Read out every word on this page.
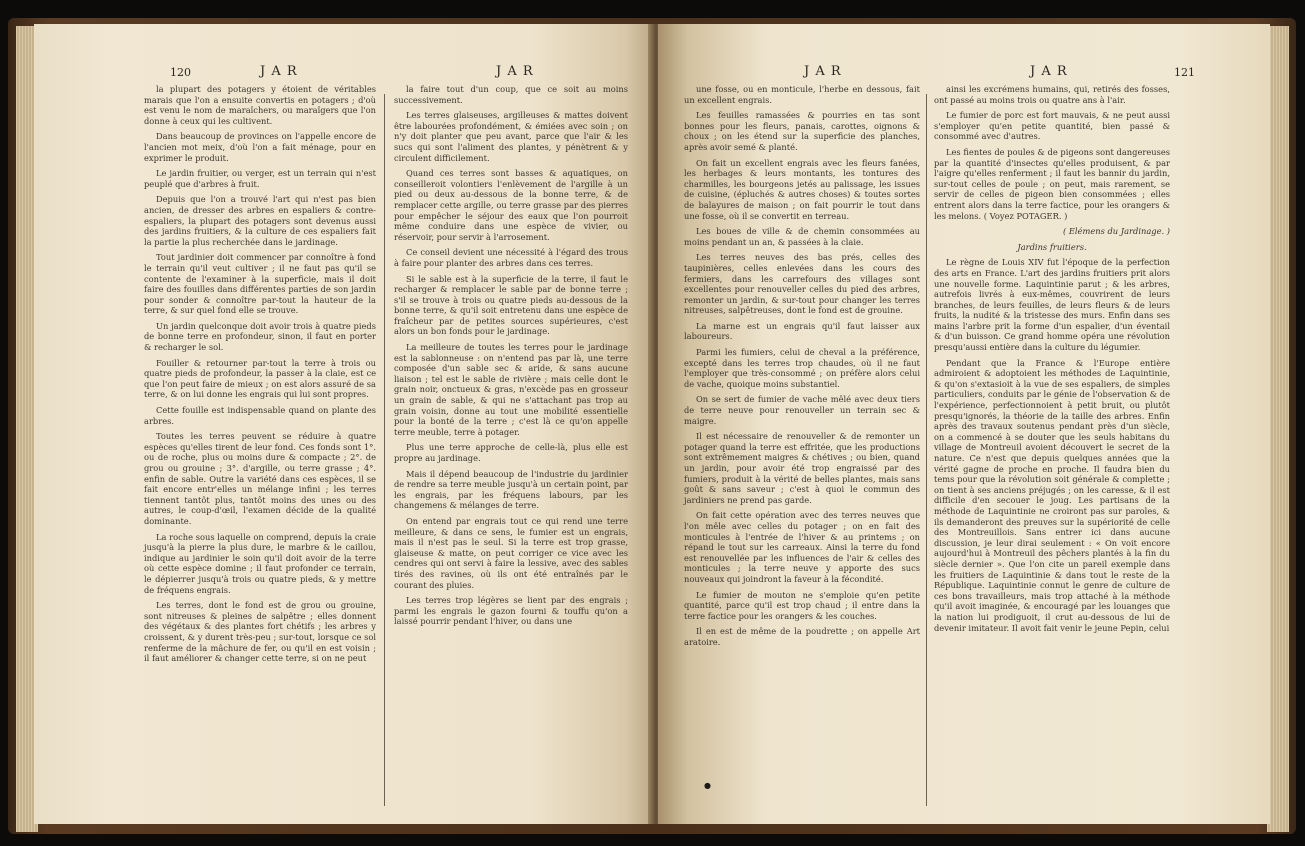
120	J A R	J A R

la plupart des potagers y étoient de véritables marais que l'on a ensuite convertis en potagers ; d'où est venu le nom de maraîchers, ou maraîgers que l'on donne à ceux qui les cultivent.

Dans beaucoup de provinces on l'appelle encore de l'ancien mot meix, d'où l'on a fait ménage, pour en exprimer le produit.

Le jardin fruitier, ou verger, est un terrain qui n'est peuplé que d'arbres à fruit.

Depuis que l'on a trouvé l'art qui n'est pas bien ancien, de dresser des arbres en espaliers & contre-espaliers, la plupart des potagers sont devenus aussi des jardins fruitiers, & la culture de ces espaliers fait la partie la plus recherchée dans le jardinage.

Tout jardinier doit commencer par connoître à fond le terrain qu'il veut cultiver ; il ne faut pas qu'il se contente de l'examiner à la superficie, mais il doit faire des fouilles dans différentes parties de son jardin pour sonder & connoître par-tout la hauteur de la terre, & sur quel fond elle se trouve.

Un jardin quelconque doit avoir trois à quatre pieds de bonne terre en profondeur, sinon, il faut en porter & recharger le sol.

Fouiller & retourner par-tout la terre à trois ou quatre pieds de profondeur, la passer à la claie, est ce que l'on peut faire de mieux ; on est alors assuré de sa terre, & on lui donne les engrais qui lui sont propres.

Cette fouille est indispensable quand on plante des arbres.

Toutes les terres peuvent se réduire à quatre espèces qu'elles tirent de leur fond. Ces fonds sont 1°. ou de roche, plus ou moins dure & compacte ; 2°. de grou ou grouine ; 3°. d'argille, ou terre grasse ; 4°. enfin de sable. Outre la variété dans ces espèces, il se fait encore entr'elles un mélange infini ; les terres tiennent tantôt plus, tantôt moins des unes ou des autres, le coup-d'œil, l'examen décide de la qualité dominante.

La roche sous laquelle on comprend, depuis la craie jusqu'à la pierre la plus dure, le marbre & le caillou, indique au jardinier le soin qu'il doit avoir de la terre où cette espèce domine ; il faut profonder ce terrain, le dépierrer jusqu'à trois ou quatre pieds, & y mettre de fréquens engrais.

Les terres, dont le fond est de grou ou grouine, sont nitreuses & pleines de salpêtre ; elles donnent des végétaux & des plantes fort chétifs ; les arbres y croissent, & y durent très-peu ; sur-tout, lorsque ce sol renferme de la mâchure de fer, ou qu'il en est voisin ; il faut améliorer & changer cette terre, si on ne peut

la faire tout d'un coup, que ce soit au moins successivement.

Les terres glaiseuses, argilleuses & mattes doivent être labourées profondément, & émiées avec soin ; on n'y doit planter que peu avant, parce que l'air & les sucs qui sont l'aliment des plantes, y pénètrent & y circulent difficilement.

Quand ces terres sont basses & aquatiques, on conseilleroit volontiers l'enlèvement de l'argille à un pied ou deux au-dessous de la bonne terre, & de remplacer cette argille, ou terre grasse par des pierres pour empêcher le séjour des eaux que l'on pourroit même conduire dans une espèce de vivier, ou réservoir, pour servir à l'arrosement.

Ce conseil devient une nécessité à l'égard des trous à faire pour planter des arbres dans ces terres.

Si le sable est à la superficie de la terre, il faut le recharger & remplacer le sable par de bonne terre ; s'il se trouve à trois ou quatre pieds au-dessous de la bonne terre, & qu'il soit entretenu dans une espèce de fraîcheur par de petites sources supérieures, c'est alors un bon fonds pour le jardinage.

La meilleure de toutes les terres pour le jardinage est la sablonneuse : on n'entend pas par là, une terre composée d'un sable sec & aride, & sans aucune liaison ; tel est le sable de rivière ; mais celle dont le grain noir, onctueux & gras, n'excède pas en grosseur un grain de sable, & qui ne s'attachant pas trop au grain voisin, donne au tout une mobilité essentielle pour la bonté de la terre ; c'est là ce qu'on appelle terre meuble, terre à potager.

Plus une terre approche de celle-là, plus elle est propre au jardinage.

Mais il dépend beaucoup de l'industrie du jardinier de rendre sa terre meuble jusqu'à un certain point, par les engrais, par les fréquens labours, par les changemens & mélanges de terre.

On entend par engrais tout ce qui rend une terre meilleure, & dans ce sens, le fumier est un engrais, mais il n'est pas le seul. Si la terre est trop grasse, glaiseuse & matte, on peut corriger ce vice avec les cendres qui ont servi à faire la lessive, avec des sables tirés des ravines, où ils ont été entraînés par le courant des pluies.

Les terres trop légères se lient par des engrais ; parmi les engrais le gazon fourni & touffu qu'on a laissé pourrir pendant l'hiver, ou dans une

J A R	J A R	121

une fosse, ou en monticule, l'herbe en dessous, fait un excellent engrais.

Les feuilles ramassées & pourries en tas sont bonnes pour les fleurs, panais, carottes, oignons & choux ; on les étend sur la superficie des planches, après avoir semé & planté.

On fait un excellent engrais avec les fleurs fanées, les herbages & leurs montants, les tontures des charmilles, les bourgeons jetés au palissage, les issues de cuisine, (épluchés & autres choses) & toutes sortes de balayures de maison ; on fait pourrir le tout dans une fosse, où il se convertit en terreau.

Les boues de ville & de chemin consommées au moins pendant un an, & passées à la claie.

Les terres neuves des bas prés, celles des taupinières, celles enlevées dans les cours des fermiers, dans les carrefours des villages sont excellentes pour renouveller celles du pied des arbres, remonter un jardin, & sur-tout pour changer les terres nitreuses, salpêtreuses, dont le fond est de grouine.

La marne est un engrais qu'il faut laisser aux laboureurs.

Parmi les fumiers, celui de cheval a la préférence, excepté dans les terres trop chaudes, où il ne faut l'employer que très-consommé ; on préfère alors celui de vache, quoique moins substantiel.

On se sert de fumier de vache mêlé avec deux tiers de terre neuve pour renouveller un terrain sec & maigre.

Il est nécessaire de renouveller & de remonter un potager quand la terre est effritée, que les productions sont extrêmement maigres & chétives ; ou bien, quand un jardin, pour avoir été trop engraissé par des fumiers, produit à la vérité de belles plantes, mais sans goût & sans saveur ; c'est à quoi le commun des jardiniers ne prend pas garde.

On fait cette opération avec des terres neuves que l'on mêle avec celles du potager ; on en fait des monticules à l'entrée de l'hiver & au printems ; on répand le tout sur les carreaux. Ainsi la terre du fond est renouvellée par les influences de l'air & celles des monticules ; la terre neuve y apporte des sucs nouveaux qui joindront la faveur à la fécondité.

Le fumier de mouton ne s'emploie qu'en petite quantité, parce qu'il est trop chaud ; il entre dans la terre factice pour les orangers & les couches.

Il en est de même de la poudrette ; on appelle Art aratoire.

ainsi les excrémens humains, qui, retirés des fosses, ont passé au moins trois ou quatre ans à l'air.

Le fumier de porc est fort mauvais, & ne peut aussi s'employer qu'en petite quantité, bien passé & consommé avec d'autres.

Les fientes de poules & de pigeons sont dangereuses par la quantité d'insectes qu'elles produisent, & par l'aigre qu'elles renferment ; il faut les bannir du jardin, sur-tout celles de poule ; on peut, mais rarement, se servir de celles de pigeon bien consommées ; elles entrent alors dans la terre factice, pour les orangers & les melons. ( Voyez POTAGER. )

( Elémens du Jardinage. )

Jardins fruitiers.

Le règne de Louis XIV fut l'époque de la perfection des arts en France. L'art des jardins fruitiers prit alors une nouvelle forme. Laquintinie parut ; & les arbres, autrefois livrés à eux-mêmes, couvrirent de leurs branches, de leurs feuilles, de leurs fleurs & de leurs fruits, la nudité & la tristesse des murs. Enfin dans ses mains l'arbre prit la forme d'un espalier, d'un éventail & d'un buisson. Ce grand homme opéra une révolution presqu'aussi entière dans la culture du légumier.

Pendant que la France & l'Europe entière admiroient & adoptoient les méthodes de Laquintinie, & qu'on s'extasioit à la vue de ses espaliers, de simples particuliers, conduits par le génie de l'observation & de l'expérience, perfectionnoient à petit bruit, ou plutôt presqu'ignorés, la théorie de la taille des arbres. Enfin après des travaux soutenus pendant près d'un siècle, on a commencé à se douter que les seuls habitans du village de Montreuil avoient découvert le secret de la nature. Ce n'est que depuis quelques années que la vérité gagne de proche en proche. Il faudra bien du tems pour que la révolution soit générale & complette ; on tient à ses anciens préjugés ; on les caresse, & il est difficile d'en secouer le joug. Les partisans de la méthode de Laquintinie ne croiront pas sur paroles, & ils demanderont des preuves sur la supériorité de celle des Montreuillois. Sans entrer ici dans aucune discussion, je leur dirai seulement : « On voit encore aujourd'hui à Montreuil des pêchers plantés à la fin du siècle dernier ». Que l'on cite un pareil exemple dans les fruitiers de Laquintinie & dans tout le reste de la République. Laquintinie connut le genre de culture de ces bons travailleurs, mais trop attaché à la méthode qu'il avoit imaginée, & encouragé par les louanges que la nation lui prodiguoit, il crut au-dessous de lui de devenir imitateur. Il avoit fait venir le jeune Pepin, celui

●
